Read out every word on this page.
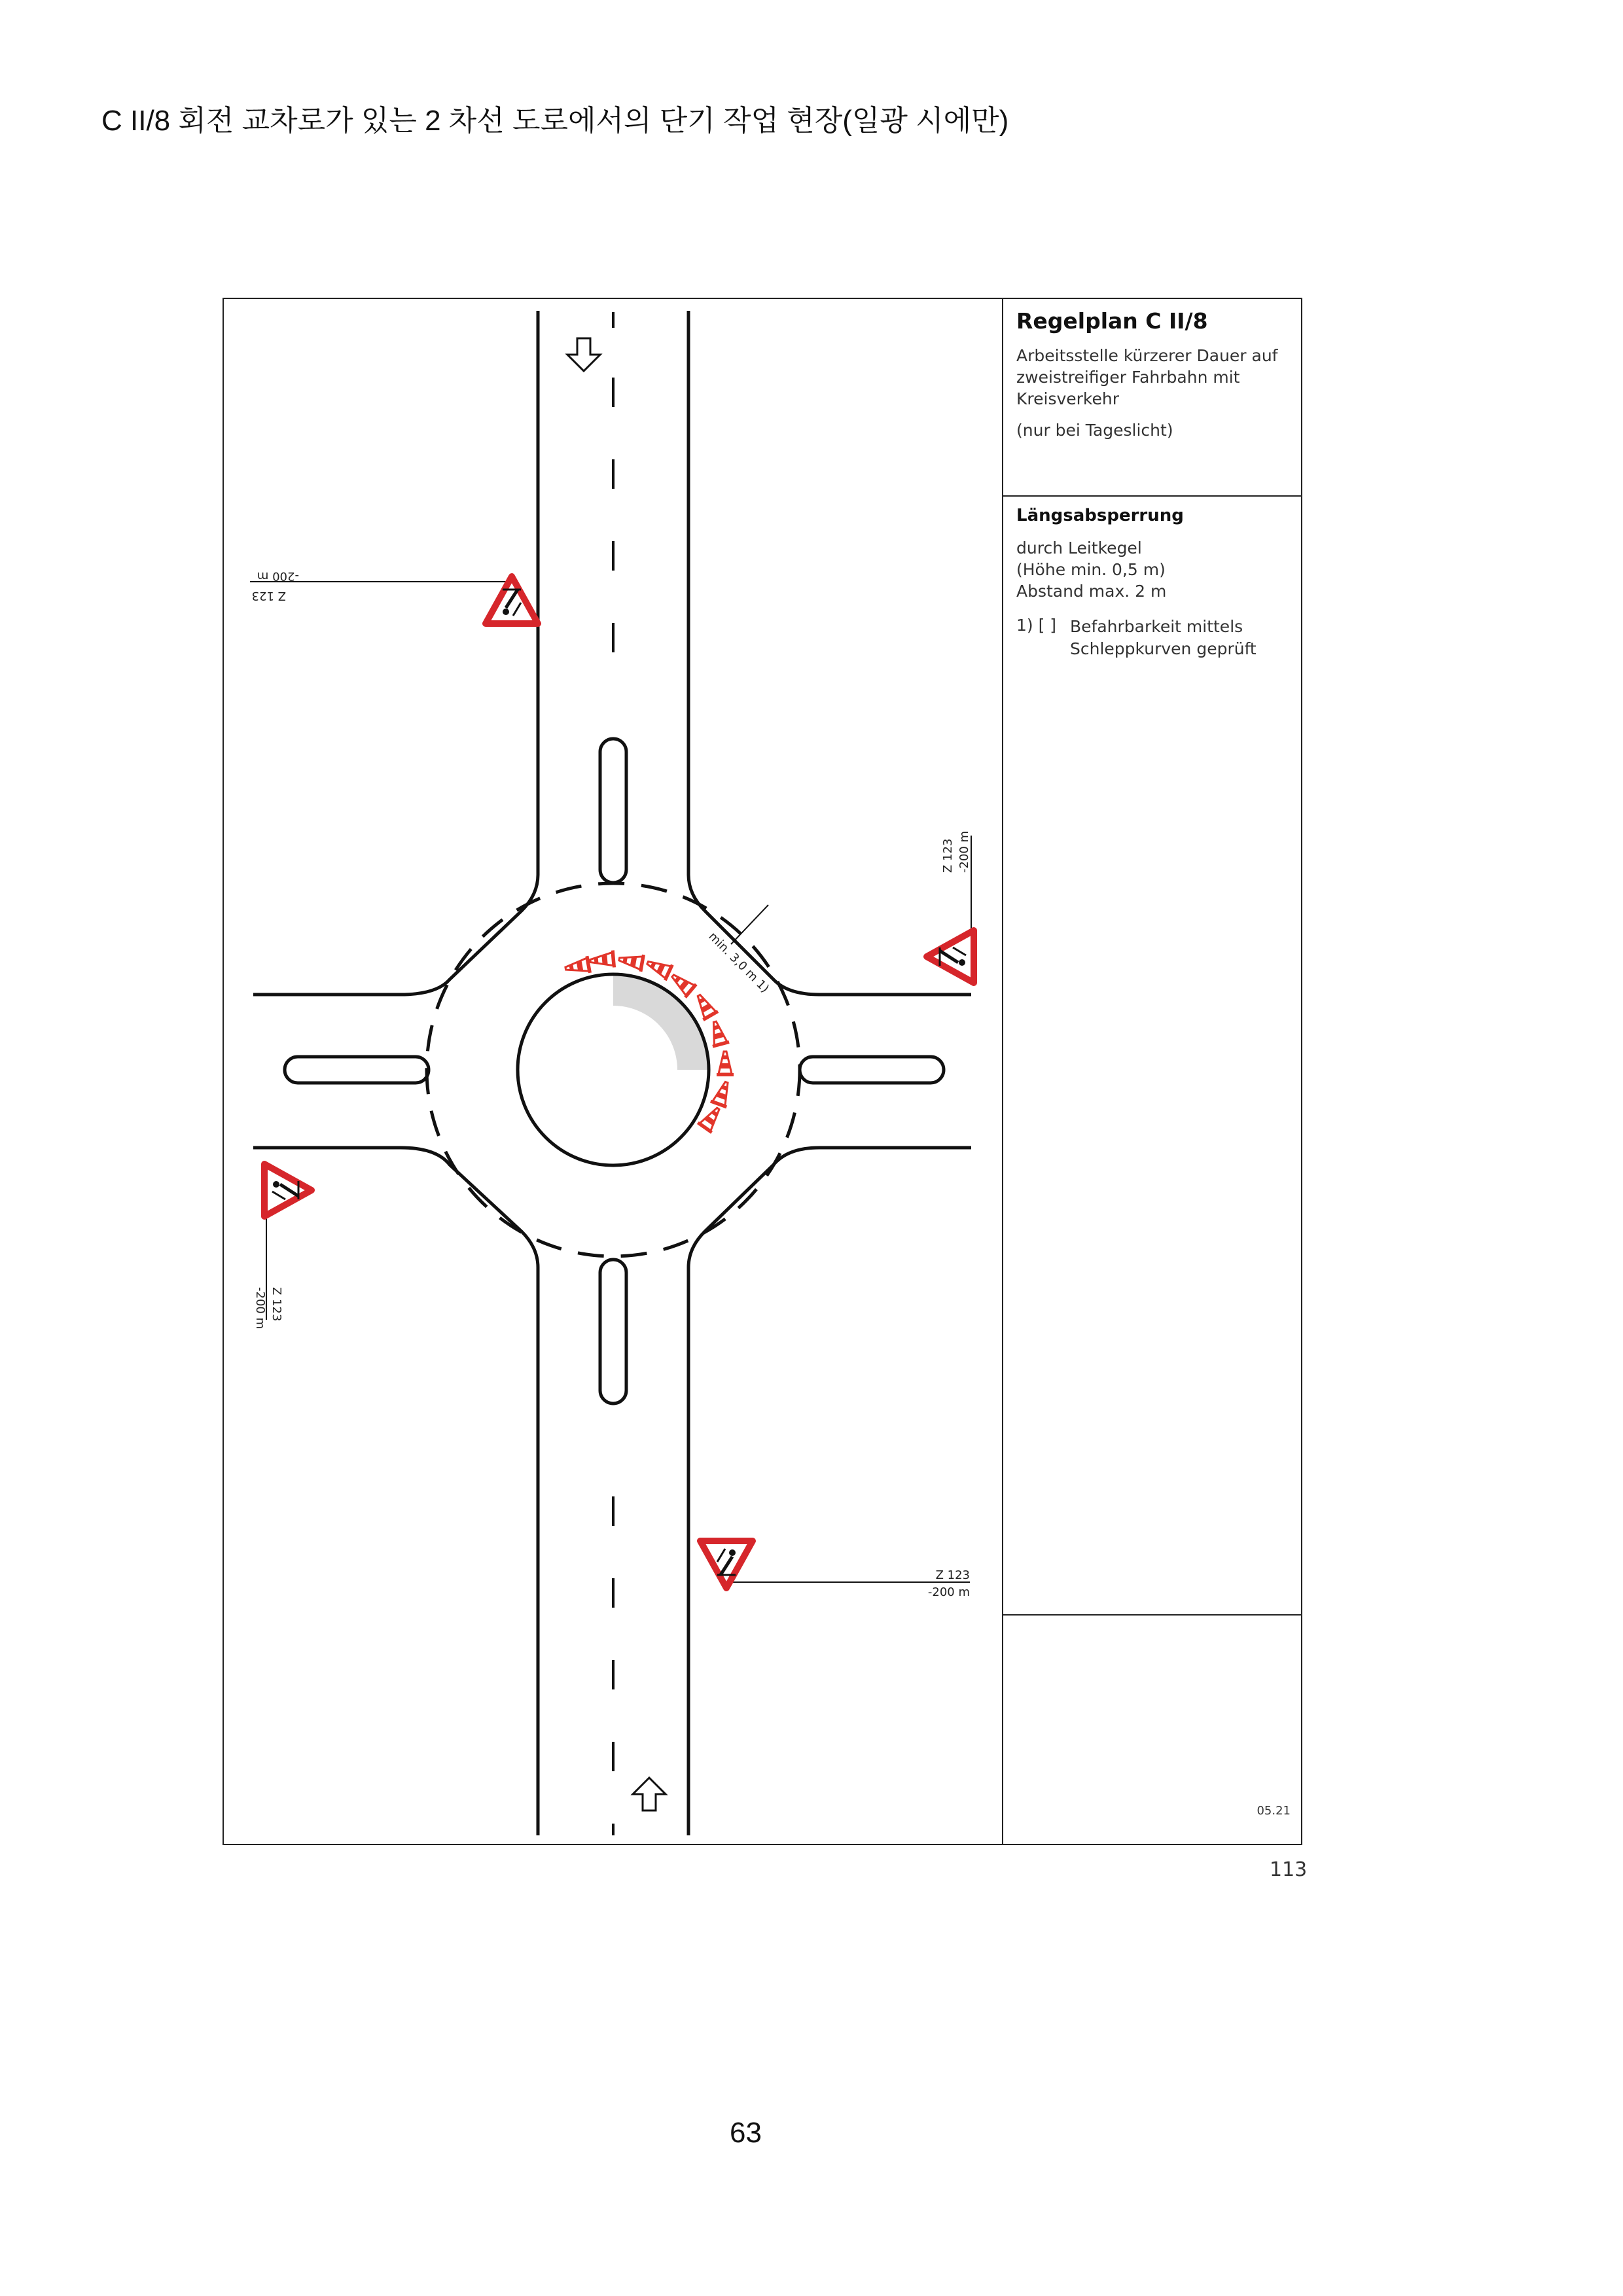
C II/8 회전 교차로가 있는 2 차선 도로에서의 단기 작업 현장(일광 시에만)
min. 3,0 m 1)
-200 m
Z 123
Z 123 -200 m
Z 123
-200 m
Z 123
-200 m
Regelplan C II/8
Arbeitsstelle kürzerer Dauer auf zweistreifiger Fahrbahn mit Kreisverkehr
(nur bei Tageslicht)
Längsabsperrung
durch Leitkegel
(Höhe min. 0,5 m)
Abstand max. 2 m
1) [ ] Befahrbarkeit mittels Schleppkurven geprüft
05.21
113
63
